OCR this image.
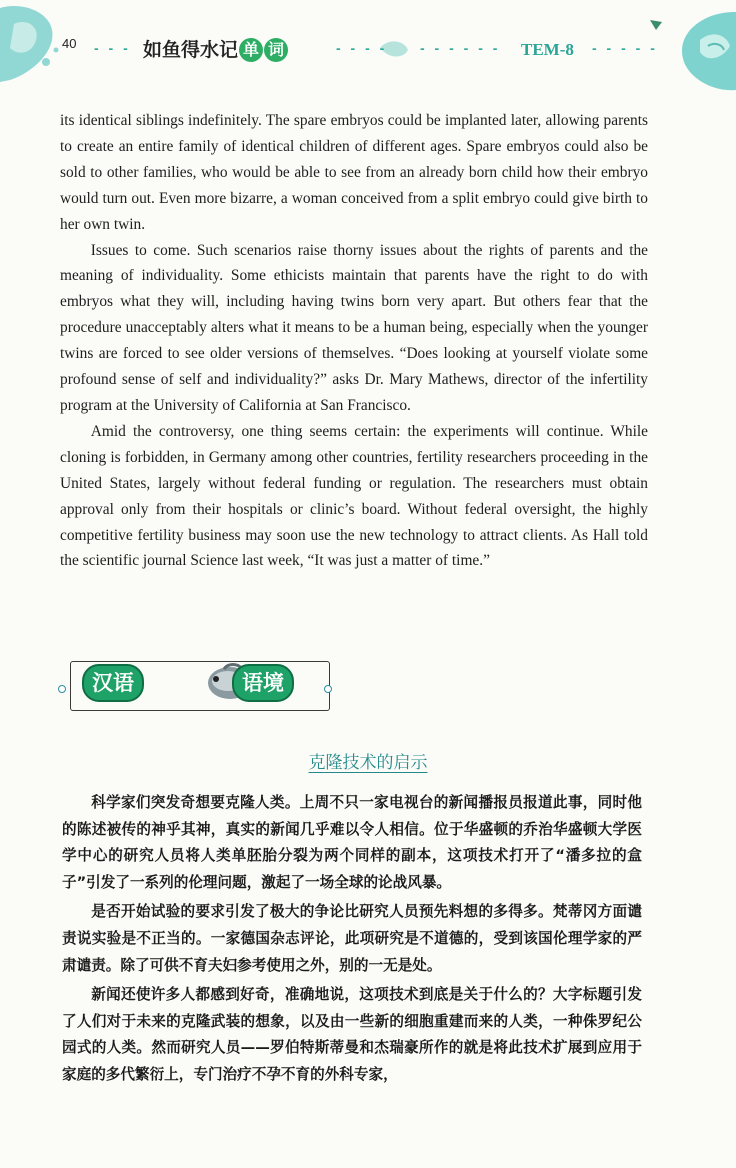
40 - - - 如鱼得水记 单 词	- - - - - - - - - - TEM-8 - - - - -

its identical siblings indefinitely. The spare embryos could be implanted later, allowing parents to create an entire family of identical children of different ages. Spare embryos could also be sold to other families, who would be able to see from an already born child how their embryo would turn out. Even more bizarre, a woman conceived from a split embryo could give birth to her own twin.

Issues to come. Such scenarios raise thorny issues about the rights of parents and the meaning of individuality. Some ethicists maintain that parents have the right to do with embryos what they will, including having twins born very apart. But others fear that the procedure unacceptably alters what it means to be a human being, especially when the younger twins are forced to see older versions of themselves. “Does looking at yourself violate some profound sense of self and individuality?” asks Dr. Mary Mathews, director of the infertility program at the University of California at San Francisco.

Amid the controversy, one thing seems certain: the experiments will continue. While cloning is forbidden, in Germany among other countries, fertility researchers proceeding in the United States, largely without federal funding or regulation. The researchers must obtain approval only from their hospitals or clinic’s board. Without federal oversight, the highly competitive fertility business may soon use the new technology to attract clients. As Hall told the scientific journal Science last week, “It was just a matter of time.”

汉语	语境
克隆技术的启示

科学家们突发奇想要克隆人类。上周不只一家电视台的新闻播报员报道此事，同时他的陈述被传的神乎其神，真实的新闻几乎难以令人相信。位于华盛顿的乔治华盛顿大学医学中心的研究人员将人类单胚胎分裂为两个同样的副本，这项技术打开了“潘多拉的盒子”引发了一系列的伦理问题，激起了一场全球的论战风暴。

是否开始试验的要求引发了极大的争论比研究人员预先料想的多得多。梵蒂冈方面谴责说实验是不正当的。一家德国杂志评论，此项研究是不道德的，受到该国伦理学家的严肃谴责。除了可供不育夫妇参考使用之外，别的一无是处。

新闻还使许多人都感到好奇，准确地说，这项技术到底是关于什么的？大字标题引发了人们对于未来的克隆武装的想象，以及由一些新的细胞重建而来的人类，一种侏罗纪公园式的人类。然而研究人员——罗伯特斯蒂曼和杰瑞豪所作的就是将此技术扩展到应用于家庭的多代繁衍上，专门治疗不孕不育的外科专家，
